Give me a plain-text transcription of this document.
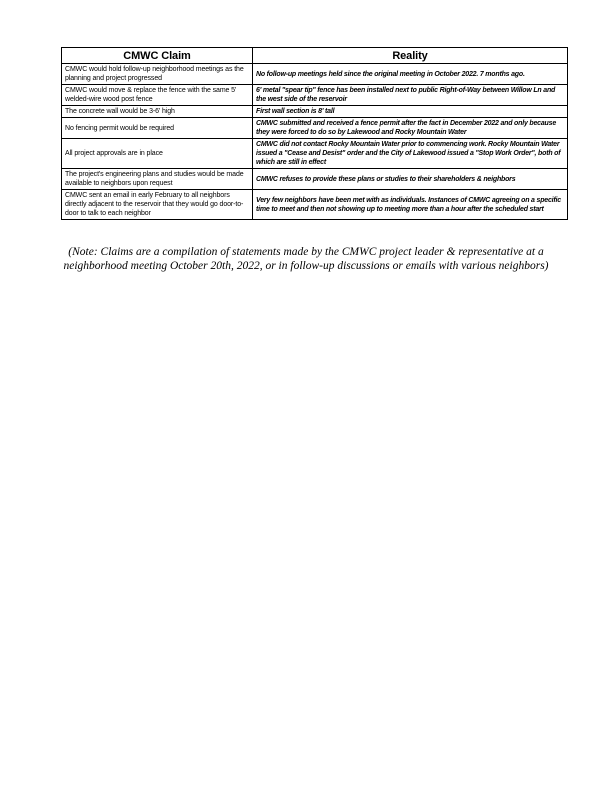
CMWC Claim	Reality
CMWC would hold follow-up neighborhood meetings as the planning and project progressed	No follow-up meetings held since the original meeting in October 2022. 7 months ago.
CMWC would move & replace the fence with the same 5' welded-wire wood post fence	6' metal "spear tip" fence has been installed next to public Right-of-Way between Willow Ln and the west side of the reservoir
The concrete wall would be 3-6' high	First wall section is 8' tall
No fencing permit would be required	CMWC submitted and received a fence permit after the fact in December 2022 and only because they were forced to do so by Lakewood and Rocky Mountain Water
All project approvals are in place	CMWC did not contact Rocky Mountain Water prior to commencing work. Rocky Mountain Water issued a "Cease and Desist" order and the City of Lakewood issued a "Stop Work Order", both of which are still in effect
The project's engineering plans and studies would be made available to neighbors upon request	CMWC refuses to provide these plans or studies to their shareholders & neighbors
CMWC sent an email in early February to all neighbors directly adjacent to the reservoir that they would go door-to-door to talk to each neighbor	Very few neighbors have been met with as individuals. Instances of CMWC agreeing on a specific time to meet and then not showing up to meeting more than a hour after the scheduled start

(Note: Claims are a compilation of statements made by the CMWC project leader & representative at a neighborhood meeting October 20th, 2022, or in follow-up discussions or emails with various neighbors)
